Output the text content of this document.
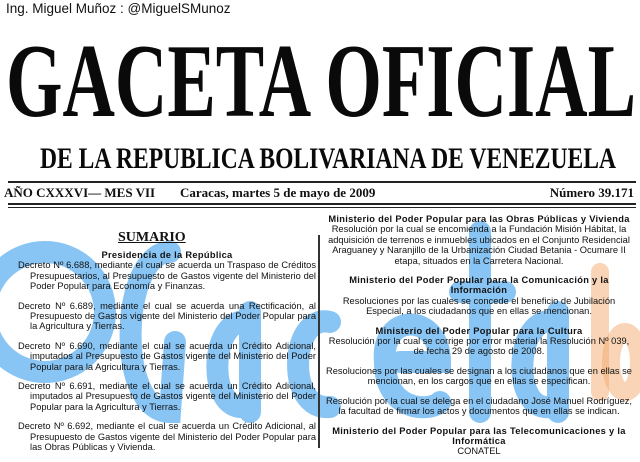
Ing. Miguel Muñoz : @MiguelSMunoz
GACETA OFICIAL
DE LA REPUBLICA BOLIVARIANA DE VENEZUELA
AÑO CXXXVI— MES VII Caracas, martes 5 de mayo de 2009	Número 39.171
SUMARIO
Presidencia de la República
Decreto Nº 6.688, mediante el cual se acuerda un Traspaso de Créditos Presupuestarios, al Presupuesto de Gastos vigente del Ministerio del Poder Popular para Economía y Finanzas.
Decreto Nº 6.689, mediante el cual se acuerda una Rectificación, al Presupuesto de Gastos vigente del Ministerio del Poder Popular para la Agricultura y Tierras.
Decreto Nº 6.690, mediante el cual se acuerda un Crédito Adicional, imputados al Presupuesto de Gastos vigente del Ministerio del Poder Popular para la Agricultura y Tierras.
Decreto Nº 6.691, mediante el cual se acuerda un Crédito Adicional, imputados al Presupuesto de Gastos vigente del Ministerio del Poder Popular para la Agricultura y Tierras.
Decreto Nº 6.692, mediante el cual se acuerda un Crédito Adicional, al Presupuesto de Gastos vigente del Ministerio del Poder Popular para las Obras Públicas y Vivienda.
Ministerio del Poder Popular para las Obras Públicas y Vivienda
Resolución por la cual se encomienda a la Fundación Misión Hábitat, la adquisición de terrenos e inmuebles ubicados en el Conjunto Residencial Araguaney y Naranjillo de la Urbanización Ciudad Betania - Ocumare II etapa, situados en la Carretera Nacional.
Ministerio del Poder Popular para la Comunicación y la Información
Resoluciones por las cuales se concede el beneficio de Jubilación Especial, a los ciudadanos que en ellas se mencionan.
Ministerio del Poder Popular para la Cultura
Resolución por la cual se corrige por error material la Resolución Nº 039, de fecha 29 de agosto de 2008.
Resoluciones por las cuales se designan a los ciudadanos que en ellas se mencionan, en los cargos que en ellas se especifican.
Resolución por la cual se delega en el ciudadano José Manuel Rodríguez, la facultad de firmar los actos y documentos que en ellas se indican.
Ministerio del Poder Popular para las Telecomunicaciones y la Informática
CONATEL
